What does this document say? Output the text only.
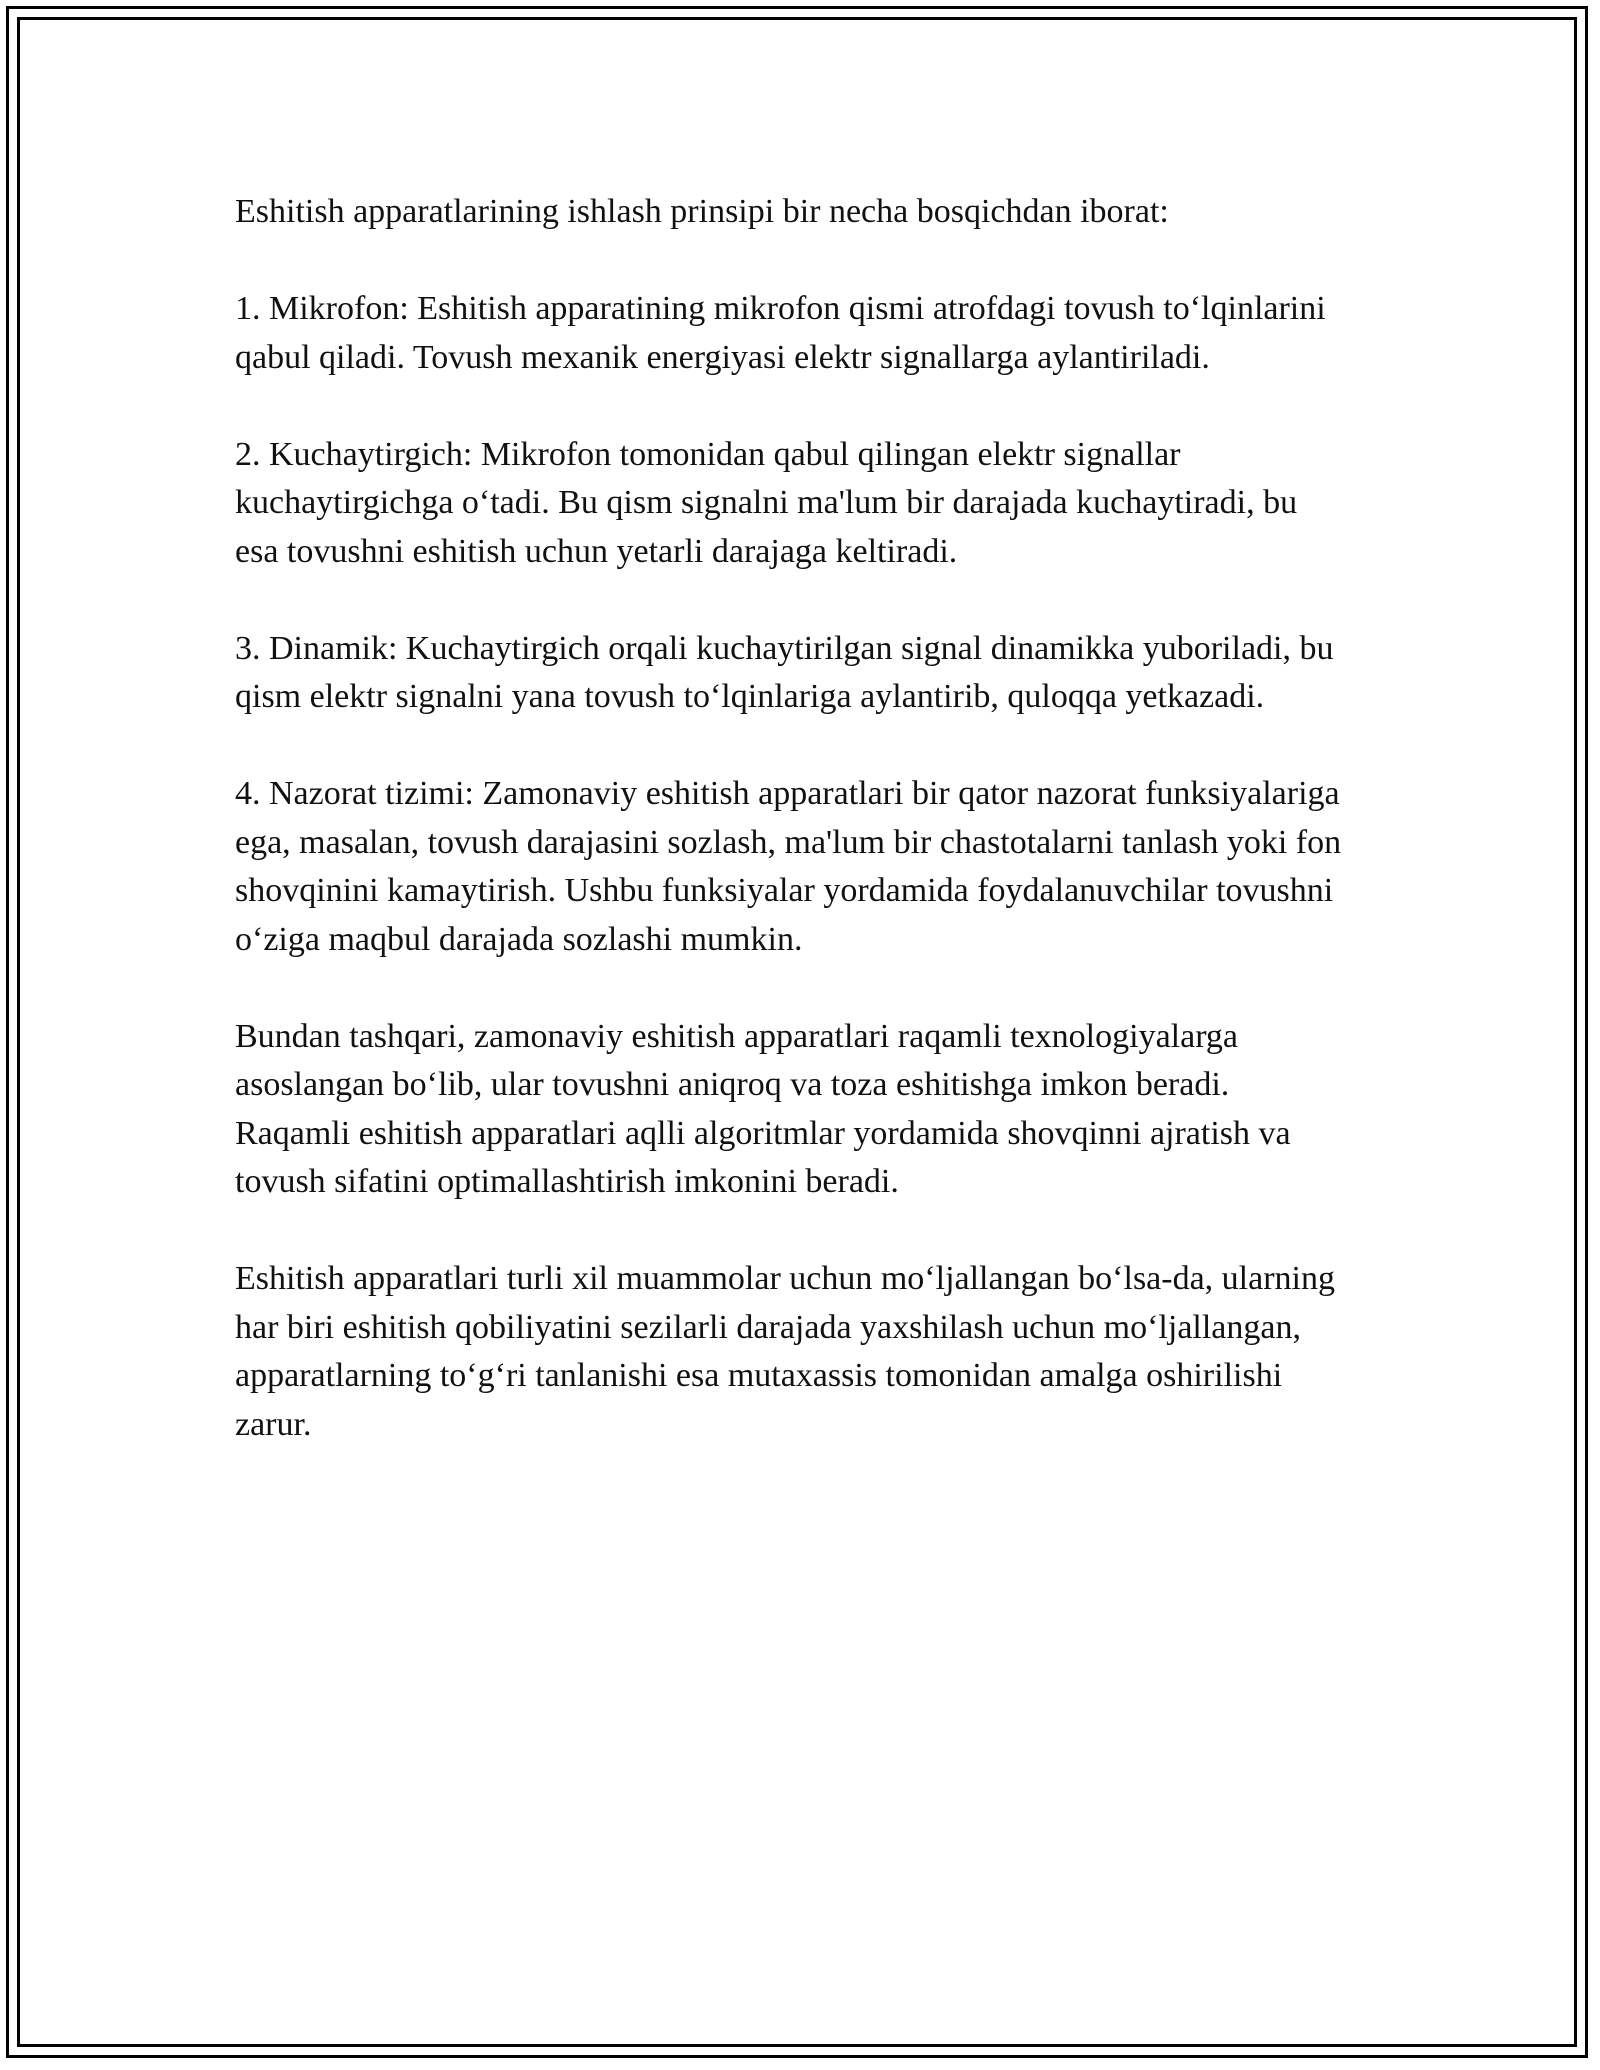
Eshitish apparatlarining ishlash prinsipi bir necha bosqichdan iborat:

1. Mikrofon: Eshitish apparatining mikrofon qismi atrofdagi tovush to‘lqinlarini qabul qiladi. Tovush mexanik energiyasi elektr signallarga aylantiriladi.

2. Kuchaytirgich: Mikrofon tomonidan qabul qilingan elektr signallar kuchaytirgichga o‘tadi. Bu qism signalni ma'lum bir darajada kuchaytiradi, bu esa tovushni eshitish uchun yetarli darajaga keltiradi.

3. Dinamik: Kuchaytirgich orqali kuchaytirilgan signal dinamikka yuboriladi, bu qism elektr signalni yana tovush to‘lqinlariga aylantirib, quloqqa yetkazadi.

4. Nazorat tizimi: Zamonaviy eshitish apparatlari bir qator nazorat funksiyalariga ega, masalan, tovush darajasini sozlash, ma'lum bir chastotalarni tanlash yoki fon shovqinini kamaytirish. Ushbu funksiyalar yordamida foydalanuvchilar tovushni o‘ziga maqbul darajada sozlashi mumkin.

Bundan tashqari, zamonaviy eshitish apparatlari raqamli texnologiyalarga asoslangan bo‘lib, ular tovushni aniqroq va toza eshitishga imkon beradi. Raqamli eshitish apparatlari aqlli algoritmlar yordamida shovqinni ajratish va tovush sifatini optimallashtirish imkonini beradi.

Eshitish apparatlari turli xil muammolar uchun mo‘ljallangan bo‘lsa-da, ularning har biri eshitish qobiliyatini sezilarli darajada yaxshilash uchun mo‘ljallangan, apparatlarning to‘g‘ri tanlanishi esa mutaxassis tomonidan amalga oshirilishi zarur.
